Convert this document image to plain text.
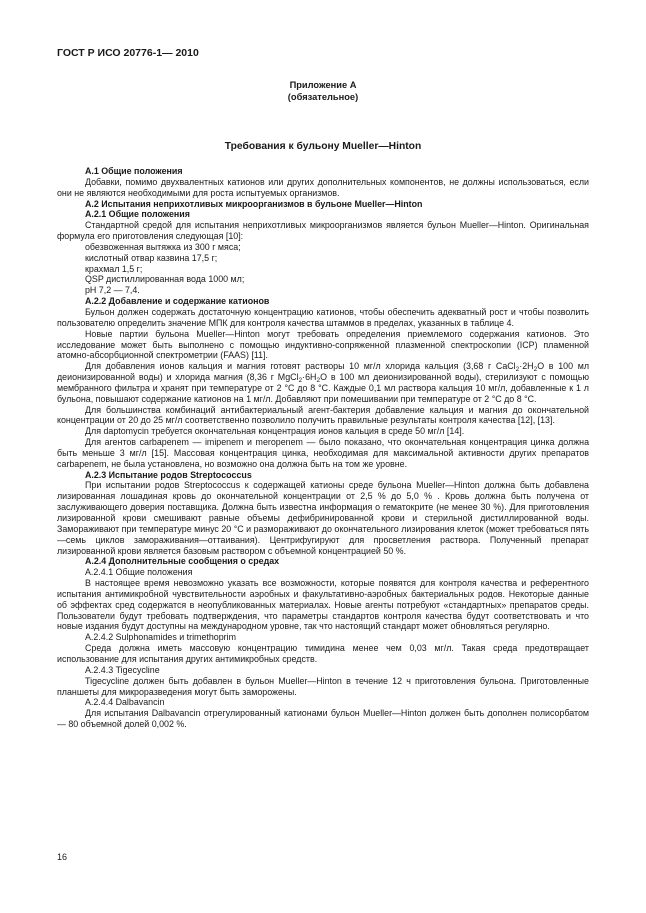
ГОСТ Р ИСО 20776-1— 2010
Приложение А
(обязательное)
Требования к бульону Mueller—Hinton

А.1 Общие положения

Добавки, помимо двухвалентных катионов или других дополнительных компонентов, не должны использоваться, если они не являются необходимыми для роста испытуемых организмов.

А.2 Испытания неприхотливых микроорганизмов в бульоне Mueller—Hinton

А.2.1 Общие положения

Стандартной средой для испытания неприхотливых микроорганизмов является бульон Mueller—Hinton. Оригинальная формула его приготовления следующая [10]:

обезвоженная вытяжка из 300 г мяса;

кислотный отвар казвина 17,5 г;

крахмал 1,5 г;

QSP дистиллированная вода 1000 мл;

pH 7,2 — 7,4.

А.2.2 Добавление и содержание катионов

Бульон должен содержать достаточную концентрацию катионов, чтобы обеспечить адекватный рост и чтобы позволить пользователю определить значение МПК для контроля качества штаммов в пределах, указанных в таблице 4.

Новые партии бульона Mueller—Hinton могут требовать определения приемлемого содержания катионов. Это исследование может быть выполнено с помощью индуктивно-сопряженной плазменной спектроскопии (ICP) пламенной атомно-абсорбционной спектрометрии (FAAS) [11].

Для добавления ионов кальция и магния готовят растворы 10 мг/л хлорида кальция (3,68 г $CaCl_2\cdot 2H_2O$ в 100 мл деионизированной воды) и хлорида магния (8,36 г $MgCl_2\cdot 6H_2O$ в 100 мл деионизированной воды), стерилизуют с помощью мембранного фильтра и хранят при температуре от 2 °С до 8 °С. Каждые 0,1 мл раствора кальция 10 мг/л, добавленные к 1 л бульона, повышают содержание катионов на 1 мг/л. Добавляют при помешивании при температуре от 2 °С до 8 °С.

Для большинства комбинаций антибактериальный агент-бактерия добавление кальция и магния до окончательной концентрации от 20 до 25 мг/л соответственно позволило получить правильные результаты контроля качества [12], [13].

Для daptomycin требуется окончательная концентрация ионов кальция в среде 50 мг/л [14].

Для агентов carbapenem — imipenem и meropenem — было показано, что окончательная концентрация цинка должна быть меньше 3 мг/л [15]. Массовая концентрация цинка, необходимая для максимальной активности других препаратов carbapenem, не была установлена, но возможно она должна быть на том же уровне.

А.2.3 Испытание родов Streptococcus

При испытании родов Streptococcus к содержащей катионы среде бульона Mueller—Hinton должна быть добавлена лизированная лошадиная кровь до окончательной концентрации от 2,5 % до 5,0 % . Кровь должна быть получена от заслуживающего доверия поставщика. Должна быть известна информация о гематокрите (не менее 30 %). Для приготовления лизированной крови смешивают равные объемы дефибринированной крови и стерильной дистиллированной воды. Замораживают при температуре минус 20 °С и размораживают до окончательного лизирования клеток (может требоваться пять—семь циклов замораживания—оттаивания). Центрифугируют для просветления раствора. Полученный препарат лизированной крови является базовым раствором с объемной концентрацией 50 %.

А.2.4 Дополнительные сообщения о средах

А.2.4.1 Общие положения

В настоящее время невозможно указать все возможности, которые появятся для контроля качества и референтного испытания антимикробной чувствительности аэробных и факультативно-аэробных бактериальных родов. Некоторые данные об эффектах сред содержатся в неопубликованных материалах. Новые агенты потребуют «стандартных» препаратов среды. Пользователи будут требовать подтверждения, что параметры стандартов контроля качества будут соответствовать и что новые издания будут доступны на международном уровне, так что настоящий стандарт может обновляться регулярно.

А.2.4.2 Sulphonamides и trimethoprim

Среда должна иметь массовую концентрацию тимидина менее чем 0,03 мг/л. Такая среда предотвращает использование для испытания других антимикробных средств.

А.2.4.3 Tigecycline

Tigecycline должен быть добавлен в бульон Mueller—Hinton в течение 12 ч приготовления бульона. Приготовленные планшеты для микроразведения могут быть заморожены.

А.2.4.4 Dalbavancin

Для испытания Dalbavancin отрегулированный катионами бульон Mueller—Hinton должен быть дополнен полисорбатом — 80 объемной долей 0,002 %.

16
